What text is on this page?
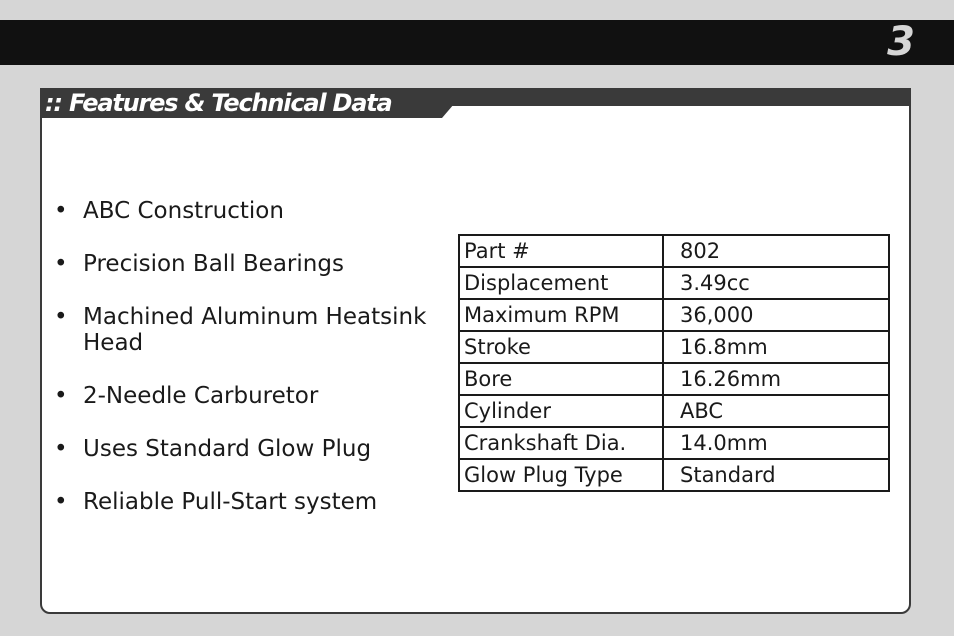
3
:: Features & Technical Data
• ABC Construction
• Precision Ball Bearings
• Machined Aluminum Heatsink Head
• 2-Needle Carburetor
• Uses Standard Glow Plug
• Reliable Pull-Start system
Part #	802
Displacement	3.49cc
Maximum RPM	36,000
Stroke	16.8mm
Bore	16.26mm
Cylinder	ABC
Crankshaft Dia.	14.0mm
Glow Plug Type	Standard
